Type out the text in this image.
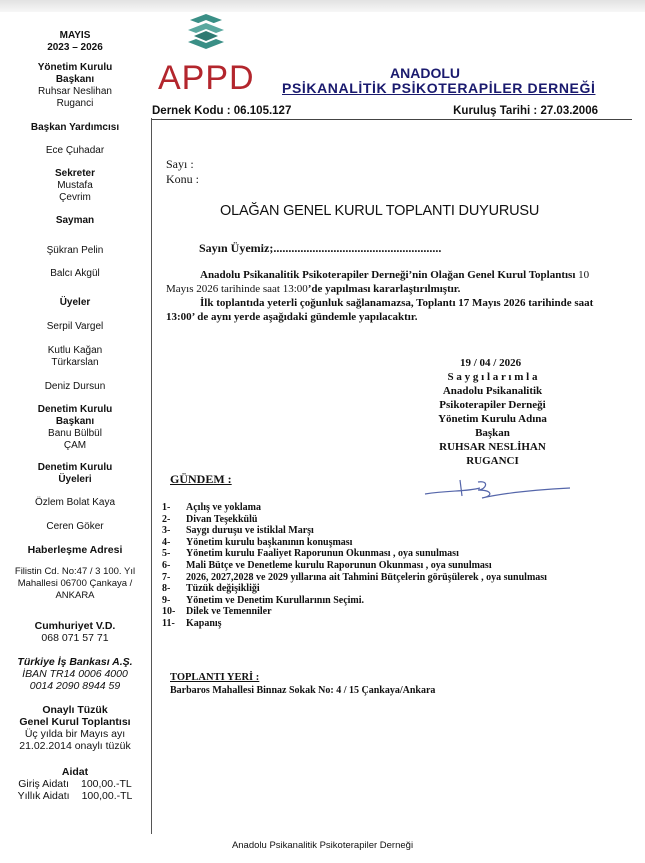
MAYIS

2023 – 2026

Yönetim Kurulu Başkanı

Ruhsar Neslihan Ruganci

Başkan Yardımcısı

Ece Çuhadar

Sekreter

Mustafa Çevrim

Sayman

Şükran Pelin Balcı Akgül

Üyeler

Serpil Vargel

Kutlu Kağan Türkarslan

Deniz Dursun

Denetim Kurulu Başkanı

Banu Bülbül ÇAM

Denetim Kurulu Üyeleri

Özlem Bolat Kaya

Ceren Göker

Haberleşme Adresi

Filistin Cd. No:47 / 3 100. Yıl Mahallesi 06700 Çankaya / ANKARA

Cumhuriyet V.D.

068 071 57 71

Türkiye İş Bankası A.Ş.

İBAN TR14 0006 4000 0014 2090 8944 59

Onaylı Tüzük

Genel Kurul Toplantısı

Üç yılda bir Mayıs ayı 21.02.2014 onaylı tüzük

Aidat

Giriş Aidatı 100,00.-TL
Yıllık Aidatı 100,00.-TL
APPD	ANADOLU
PSİKANALİTİK PSİKOTERAPİLER DERNEĞİ
Dernek Kodu : 06.105.127	Kuruluş Tarihi : 27.03.2006
Sayı :
Konu :
OLAĞAN GENEL KURUL TOPLANTI DUYURUSU
Sayın Üyemiz;........................................................

Anadolu Psikanalitik Psikoterapiler Derneği’nin Olağan Genel Kurul Toplantısı 10 Mayıs 2026 tarihinde saat 13:00’de yapılması kararlaştırılmıştır.

İlk toplantıda yeterli çoğunluk sağlanamazsa, Toplantı 17 Mayıs 2026 tarihinde saat 13:00’ de aynı yerde aşağıdaki gündemle yapılacaktır.

19 / 04 / 2026
S a y g ı l a r ı m l a
Anadolu Psikanalitik
Psikoterapiler Derneği
Yönetim Kurulu Adına
Başkan
RUHSAR NESLİHAN
RUGANCI
GÜNDEM :
1-	Açılış ve yoklama
2-	Divan Teşekkülü
3-	Saygı duruşu ve istiklal Marşı
4-	Yönetim kurulu başkanının konuşması
5-	Yönetim kurulu Faaliyet Raporunun Okunması , oya sunulması
6-	Mali Bütçe ve Denetleme kurulu Raporunun Okunması , oya sunulması
7-	2026, 2027,2028 ve 2029 yıllarına ait Tahmini Bütçelerin görüşülerek , oya sunulması
8-	Tüzük değişikliği
9-	Yönetim ve Denetim Kurullarının Seçimi.
10-	Dilek ve Temenniler
11-	Kapanış
TOPLANTI YERİ :
Barbaros Mahallesi Binnaz Sokak No: 4 / 15 Çankaya/Ankara
Anadolu Psikanalitik Psikoterapiler Derneği
